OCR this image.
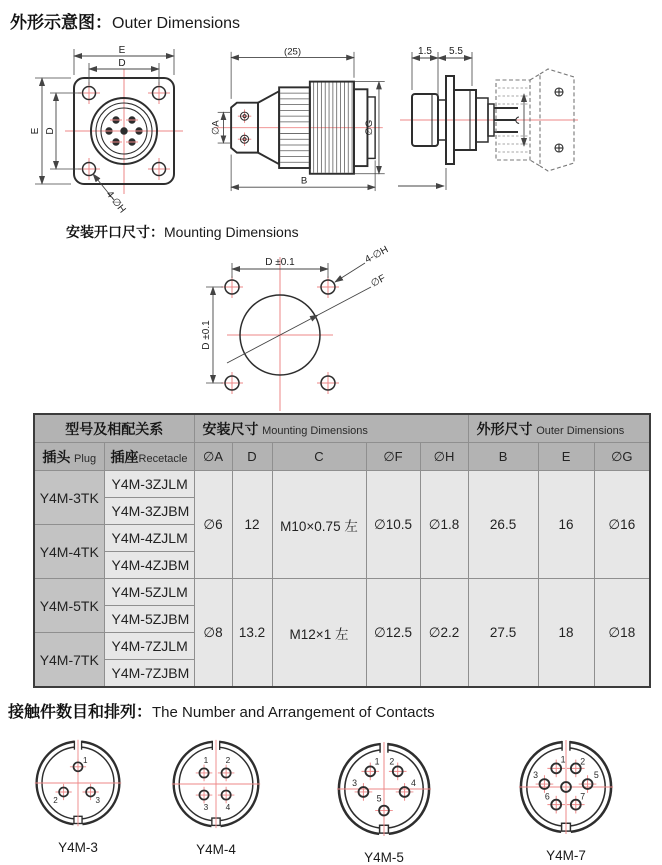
外形示意图：Outer Dimensions
E
D
E D
4-∅H
(25)
∅A	∅G
B
1.5 5.5
安装开口尺寸：Mounting Dimensions
D ±0.1
D ±0.1
4-∅H
∅F
型号及相配关系		安装尺寸 Mounting Dimensions					外形尺寸 Outer Dimensions		
插头 Plug	插座Recetacle	∅A	D	C	∅F	∅H	B	E	∅G
Y4M-3TK	Y4M-3ZJLM	∅6	12	M10×0.75 左	∅10.5	∅1.8	26.5	16	∅16
	Y4M-3ZJBM								
Y4M-4TK	Y4M-4ZJLM								
	Y4M-4ZJBM								
Y4M-5TK	Y4M-5ZJLM	∅8	13.2	M12×1 左	∅12.5	∅2.2	27.5	18	∅18
	Y4M-5ZJBM								
Y4M-7TK	Y4M-7ZJLM								
	Y4M-7ZJBM								
接触件数目和排列：The Number and Arrangement of Contacts
1
2	3
Y4M-3
1 2
3 4
Y4M-4
1 2
3	4
5
Y4M-5
1 2
3	5
6	7
Y4M-7
